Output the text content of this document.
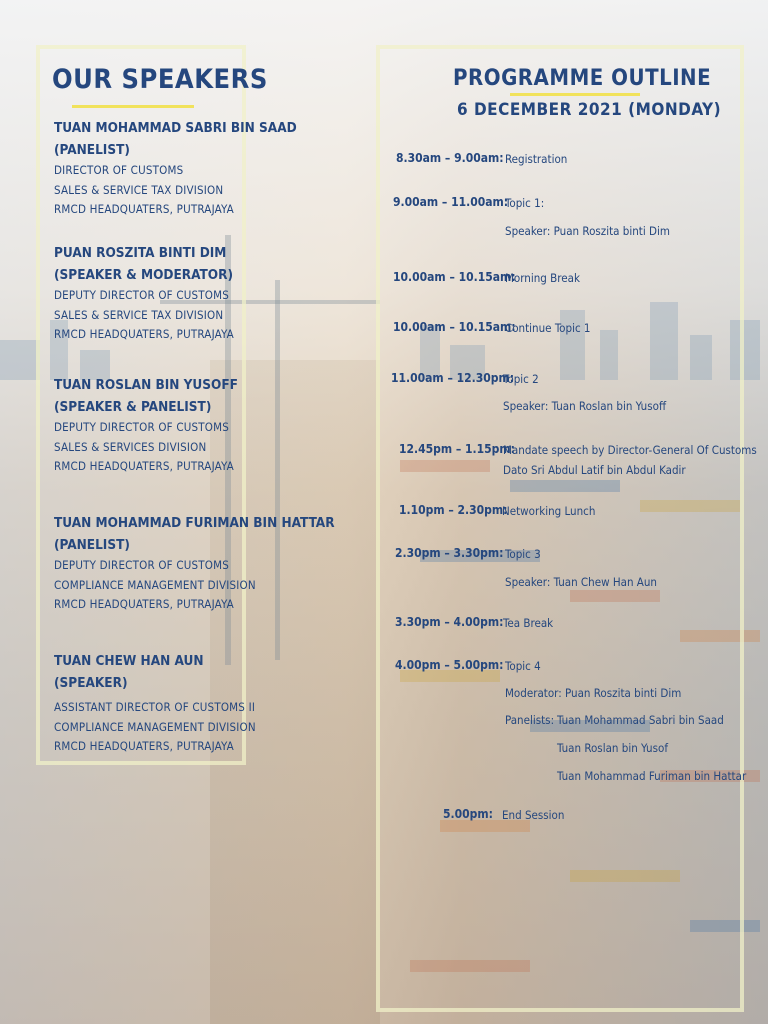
OUR SPEAKERS
TUAN MOHAMMAD SABRI BIN SAAD
(PANELIST)
DIRECTOR OF CUSTOMS
SALES & SERVICE TAX DIVISION
RMCD HEADQUATERS, PUTRAJAYA
PUAN ROSZITA BINTI DIM
(SPEAKER & MODERATOR)
DEPUTY DIRECTOR OF CUSTOMS
SALES & SERVICE TAX DIVISION
RMCD HEADQUATERS, PUTRAJAYA
TUAN ROSLAN BIN YUSOFF
(SPEAKER & PANELIST)
DEPUTY DIRECTOR OF CUSTOMS
SALES & SERVICES DIVISION
RMCD HEADQUATERS, PUTRAJAYA
TUAN MOHAMMAD FURIMAN BIN HATTAR
(PANELIST)
DEPUTY DIRECTOR OF CUSTOMS
COMPLIANCE MANAGEMENT DIVISION
RMCD HEADQUATERS, PUTRAJAYA
TUAN CHEW HAN AUN
(SPEAKER)
ASSISTANT DIRECTOR OF CUSTOMS II
COMPLIANCE MANAGEMENT DIVISION
RMCD HEADQUATERS, PUTRAJAYA
PROGRAMME OUTLINE
6 DECEMBER 2021 (MONDAY)
8.30am – 9.00am: Registration
9.00am – 11.00am:
Topic 1:
Speaker: Puan Roszita binti Dim
10.00am – 10.15am:
Morning Break
10.00am – 10.15am:
Continue Topic 1
11.00am – 12.30pm:
Topic 2
Speaker: Tuan Roslan bin Yusoff
12.45pm – 1.15pm:
Mandate speech by Director-General Of Customs
Dato Sri Abdul Latif bin Abdul Kadir
1.10pm – 2.30pm:
Networking Lunch
2.30pm – 3.30pm: Topic 3
Speaker: Tuan Chew Han Aun
3.30pm – 4.00pm: Tea Break
4.00pm – 5.00pm: Topic 4
Moderator: Puan Roszita binti Dim
Panelists: Tuan Mohammad Sabri bin Saad
Tuan Roslan bin Yusof
Tuan Mohammad Furiman bin Hattar
5.00pm: End Session
